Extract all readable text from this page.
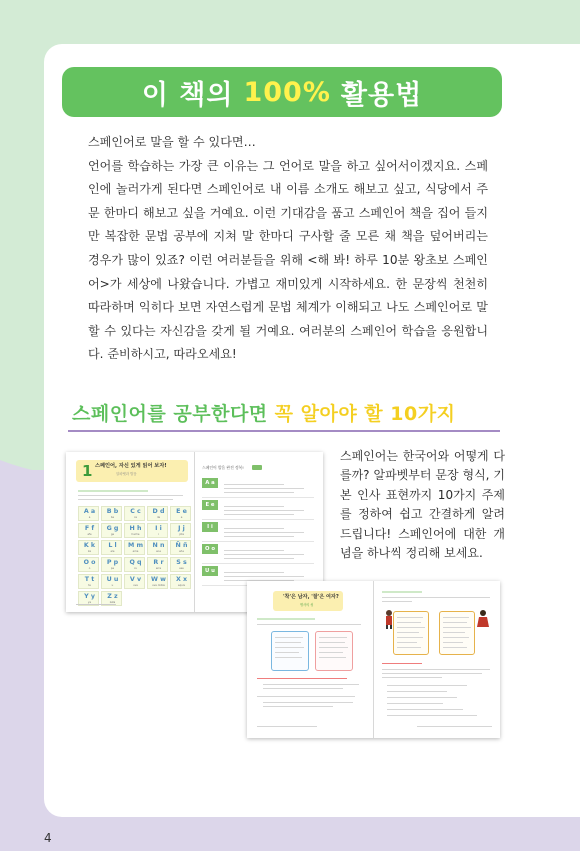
이 책의 100% 활용법

스페인어로 말을 할 수 있다면…

언어를 학습하는 가장 큰 이유는 그 언어로 말을 하고 싶어서이겠지요. 스페인에 놀러가게 된다면 스페인어로 내 이름 소개도 해보고 싶고, 식당에서 주문 한마디 해보고 싶을 거예요. 이런 기대감을 품고 스페인어 책을 집어 들지만 복잡한 문법 공부에 지쳐 말 한마디 구사할 줄 모른 채 책을 덮어버리는 경우가 많이 있죠? 이런 여러분들을 위해 <해 봐! 하루 10분 왕초보 스페인어>가 세상에 나왔습니다. 가볍고 재미있게 시작하세요. 한 문장씩 천천히 따라하며 익히다 보면 자연스럽게 문법 체계가 이해되고 나도 스페인어로 말할 수 있다는 자신감을 갖게 될 거예요. 여러분의 스페인어 학습을 응원합니다. 준비하시고, 따라오세요!

스페인어를 공부한다면 꼭 알아야 할 10가지
스페인어는 한국어와 어떻게 다를까? 알파벳부터 문장 형식, 기본 인사 표현까지 10가지 주제를 정하여 쉽고 간결하게 알려드립니다! 스페인어에 대한 개념을 하나씩 정리해 보세요.
1 스페인어, 자신 있게 읽어 보자!
알파벳과 발음
A a
a
B b
be
C c
ce
D d
de
E e
e
F f
efe
G g
ge
H h
hache
I i
i
J j
jota
K k
ka
L l
ele
M m
eme
N n
ene
Ñ ñ
eñe
O o
o
P p
pe
Q q
cu
R r
erre
S s
ese
T t
te
U u
u
V v
uve
W w
uve doble
X x
equis
Y y
ye
Z z
zeta
스페인어 발음 완전 정복!
A a
E e
I i
O o
U u
'착'은 남자, '잘'은 여자?
명사의 성
4
